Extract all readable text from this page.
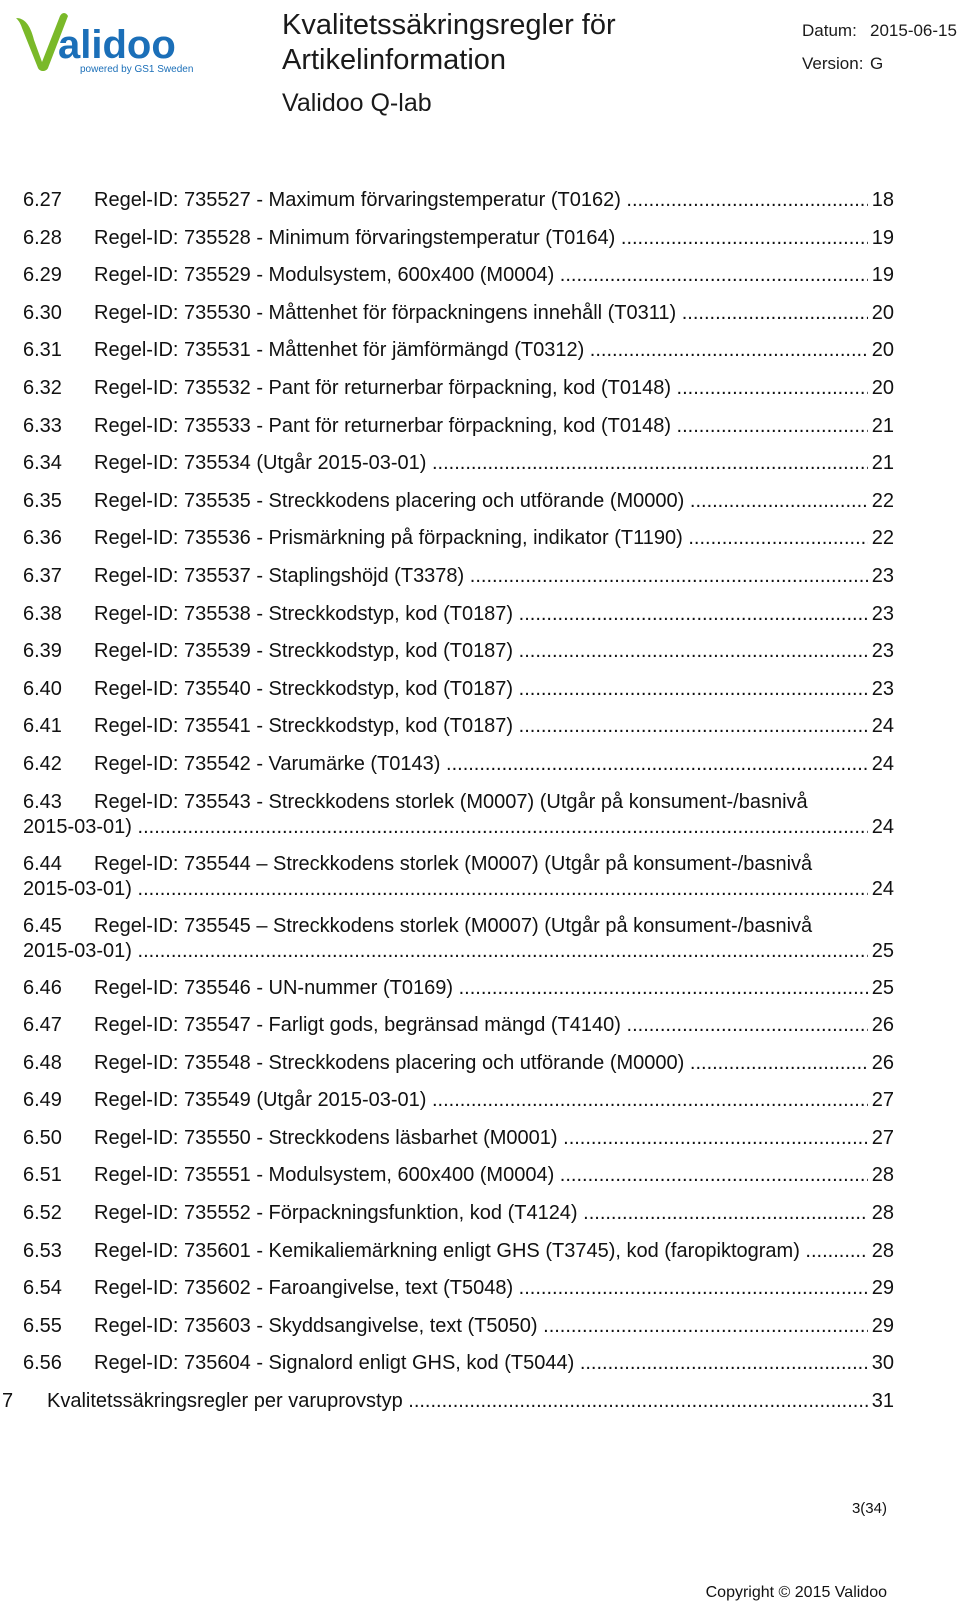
alidoo
powered by GS1 Sweden
Kvalitetssäkringsregler för Artikelinformation
Validoo Q-lab
Datum: 2015-06-15
Version: G
6.27 Regel-ID: 735527 - Maximum förvaringstemperatur (T0162) .....	18
6.28 Regel-ID: 735528 - Minimum förvaringstemperatur (T0164) .....	19
6.29 Regel-ID: 735529 - Modulsystem, 600x400 (M0004) .....	19
6.30 Regel-ID: 735530 - Måttenhet för förpackningens innehåll (T0311) .....	20
6.31 Regel-ID: 735531 - Måttenhet för jämförmängd (T0312) .....	20
6.32 Regel-ID: 735532 - Pant för returnerbar förpackning, kod (T0148) .....	20
6.33 Regel-ID: 735533 - Pant för returnerbar förpackning, kod (T0148) .....	21
6.34 Regel-ID: 735534 (Utgår 2015-03-01) .....	21
6.35 Regel-ID: 735535 - Streckkodens placering och utförande (M0000) .....	22
6.36 Regel-ID: 735536 - Prismärkning på förpackning, indikator (T1190) .....	22
6.37 Regel-ID: 735537 - Staplingshöjd (T3378) .....	23
6.38 Regel-ID: 735538 - Streckkodstyp, kod (T0187) .....	23
6.39 Regel-ID: 735539 - Streckkodstyp, kod (T0187) .....	23
6.40 Regel-ID: 735540 - Streckkodstyp, kod (T0187) .....	23
6.41 Regel-ID: 735541 - Streckkodstyp, kod (T0187) .....	24
6.42 Regel-ID: 735542 - Varumärke (T0143) .....	24
6.43 Regel-ID: 735543 - Streckkodens storlek (M0007) (Utgår på konsument-/basnivå
2015-03-01) .....	24
6.44 Regel-ID: 735544 – Streckkodens storlek (M0007) (Utgår på konsument-/basnivå
2015-03-01) .....	24
6.45 Regel-ID: 735545 – Streckkodens storlek (M0007) (Utgår på konsument-/basnivå
2015-03-01) .....	25
6.46 Regel-ID: 735546 - UN-nummer (T0169) .....	25
6.47 Regel-ID: 735547 - Farligt gods, begränsad mängd (T4140) .....	26
6.48 Regel-ID: 735548 - Streckkodens placering och utförande (M0000) .....	26
6.49 Regel-ID: 735549 (Utgår 2015-03-01) .....	27
6.50 Regel-ID: 735550 - Streckkodens läsbarhet (M0001) .....	27
6.51 Regel-ID: 735551 - Modulsystem, 600x400 (M0004) .....	28
6.52 Regel-ID: 735552 - Förpackningsfunktion, kod (T4124) .....	28
6.53 Regel-ID: 735601 - Kemikaliemärkning enligt GHS (T3745), kod (faropiktogram) .....	28
6.54 Regel-ID: 735602 - Faroangivelse, text (T5048) .....	29
6.55 Regel-ID: 735603 - Skyddsangivelse, text (T5050) .....	29
6.56 Regel-ID: 735604 - Signalord enligt GHS, kod (T5044) .....	30
7 Kvalitetssäkringsregler per varuprovstyp .....	31
3(34)
Copyright © 2015 Validoo
